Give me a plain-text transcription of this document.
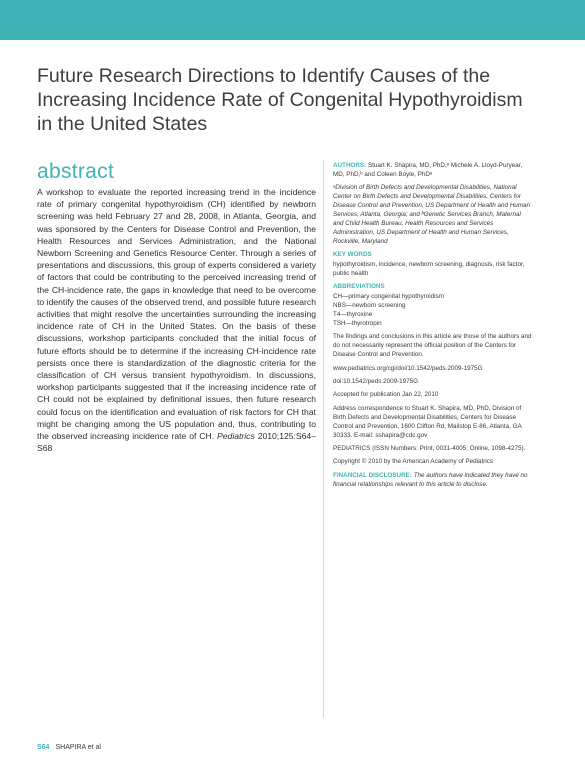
Future Research Directions to Identify Causes of the Increasing Incidence Rate of Congenital Hypothyroidism in the United States
abstract

A workshop to evaluate the reported increasing trend in the incidence rate of primary congenital hypothyroidism (CH) identified by newborn screening was held February 27 and 28, 2008, in Atlanta, Georgia, and was sponsored by the Centers for Disease Control and Prevention, the Health Resources and Services Administration, and the National Newborn Screening and Genetics Resource Center. Through a series of presentations and discussions, this group of experts considered a variety of factors that could be contributing to the perceived increasing trend of the CH-incidence rate, the gaps in knowledge that need to be overcome to identify the causes of the observed trend, and possible future research activities that might resolve the uncertainties surrounding the increasing incidence rate of CH in the United States. On the basis of these discussions, workshop participants concluded that the initial focus of future efforts should be to determine if the increasing CH-incidence rate persists once there is standardization of the diagnostic criteria for the classification of CH versus transient hypothyroidism. In discussions, workshop participants suggested that if the increasing incidence rate of CH could not be explained by definitional issues, then future research could focus on the identification and evaluation of risk factors for CH that might be changing among the US population and, thus, contributing to the observed increasing incidence rate of CH. Pediatrics 2010;125:S64–S68

AUTHORS: Stuart K. Shapira, MD, PhD,ᵃ Michele A. Lloyd-Puryear, MD, PhD,ᵇ and Coleen Boyle, PhDᵃ

ᵃDivision of Birth Defects and Developmental Disabilities, National Center on Birth Defects and Developmental Disabilities, Centers for Disease Control and Prevention, US Department of Health and Human Services, Atlanta, Georgia; and ᵇGenetic Services Branch, Maternal and Child Health Bureau, Health Resources and Services Administration, US Department of Health and Human Services, Rockville, Maryland

KEY WORDS
hypothyroidism, incidence, newborn screening, diagnosis, risk factor, public health

ABBREVIATIONS
CH—primary congenital hypothyroidism
NBS—newborn screening
T4—thyroxine
TSH—thyrotropin

The findings and conclusions in this article are those of the authors and do not necessarily represent the official position of the Centers for Disease Control and Prevention.

www.pediatrics.org/cgi/doi/10.1542/peds.2009-1975G

doi:10.1542/peds.2009-1975G

Accepted for publication Jan 22, 2010

Address correspondence to Stuart K. Shapira, MD, PhD, Division of Birth Defects and Developmental Disabilities, Centers for Disease Control and Prevention, 1600 Clifton Rd, Mailstop E-86, Atlanta, GA 30333. E-mail: sshapira@cdc.gov

PEDIATRICS (ISSN Numbers: Print, 0031-4005; Online, 1098-4275).

Copyright © 2010 by the American Academy of Pediatrics

FINANCIAL DISCLOSURE: The authors have indicated they have no financial relationships relevant to this article to disclose.

S64 SHAPIRA et al
